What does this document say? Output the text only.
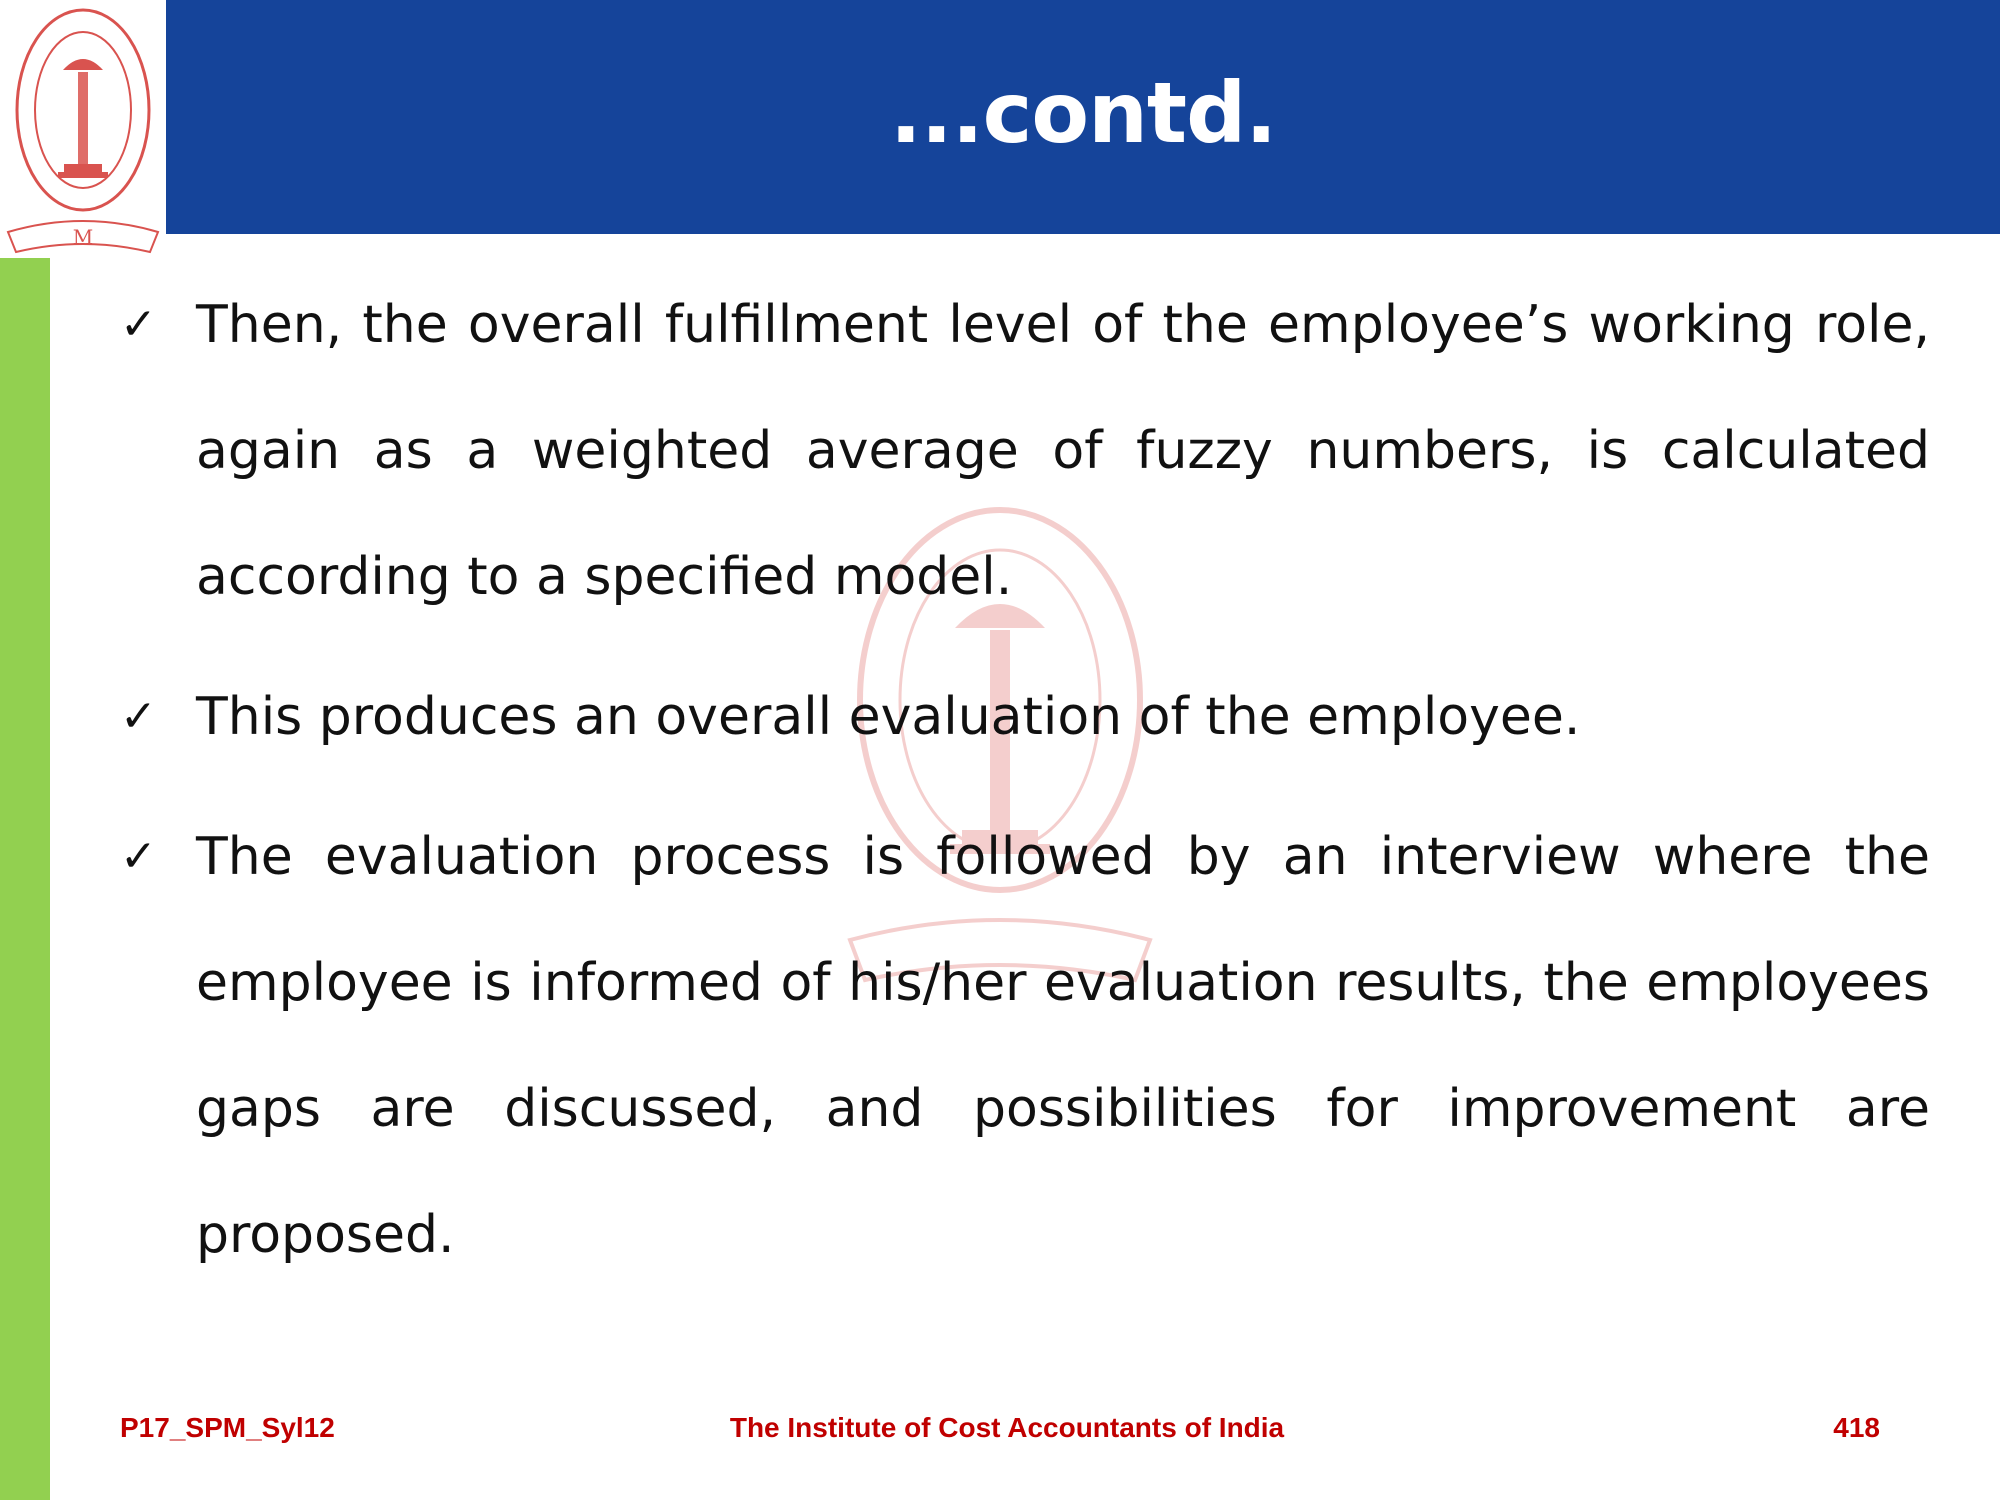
M
...contd.
✓ Then, the overall fulfillment level of the employee’s working role, again as a weighted average of fuzzy numbers, is calculated according to a specified model.
✓ This produces an overall evaluation of the employee.
✓ The evaluation process is followed by an interview where the employee is informed of his/her evaluation results, the employees gaps are discussed, and possibilities for improvement are proposed.
P17_SPM_Syl12	The Institute of Cost Accountants of India	418
